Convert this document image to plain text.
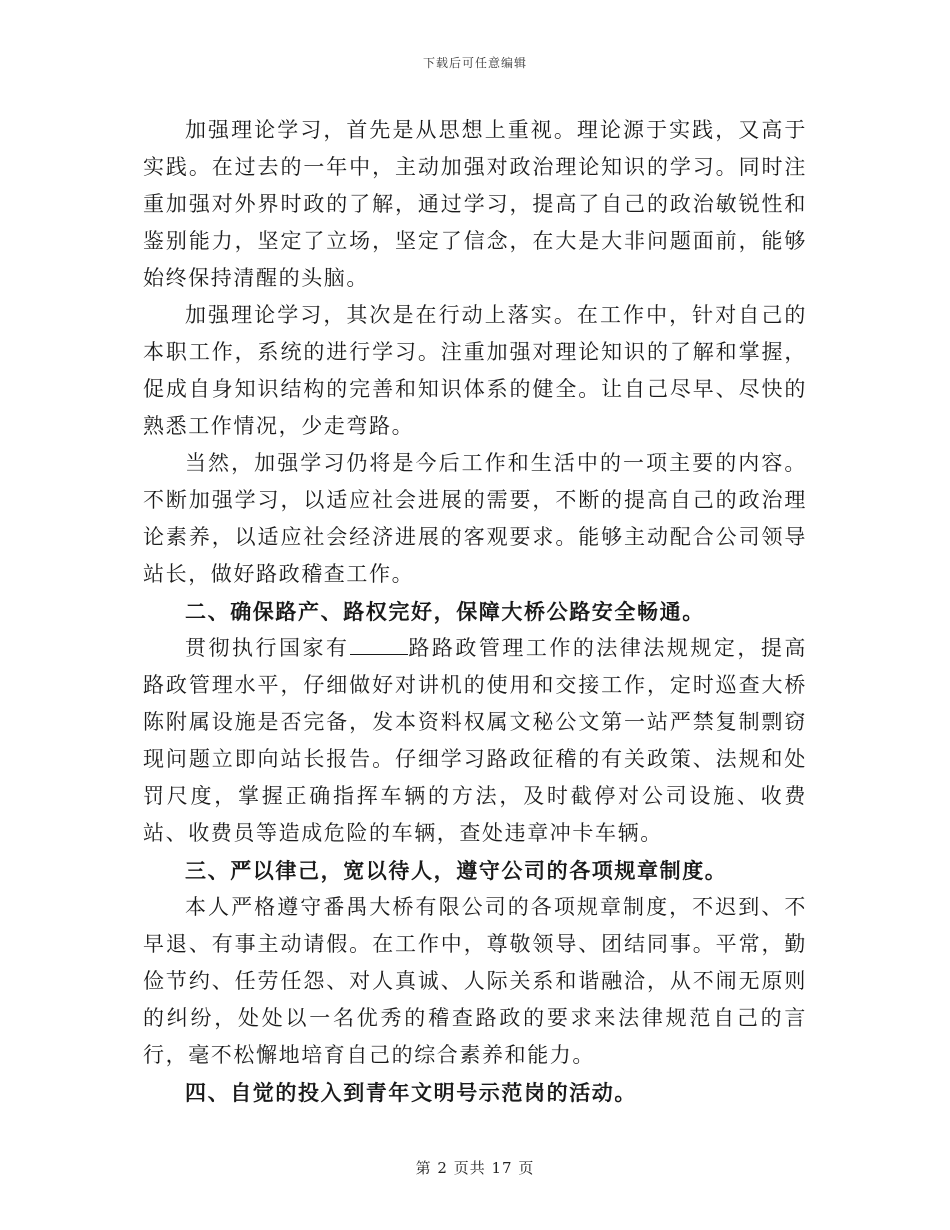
下载后可任意编辑

加强理论学习，首先是从思想上重视。理论源于实践，又高于实践。在过去的一年中，主动加强对政治理论知识的学习。同时注重加强对外界时政的了解，通过学习，提高了自己的政治敏锐性和鉴别能力，坚定了立场，坚定了信念，在大是大非问题面前，能够始终保持清醒的头脑。

加强理论学习，其次是在行动上落实。在工作中，针对自己的本职工作，系统的进行学习。注重加强对理论知识的了解和掌握，促成自身知识结构的完善和知识体系的健全。让自己尽早、尽快的熟悉工作情况，少走弯路。

当然，加强学习仍将是今后工作和生活中的一项主要的内容。不断加强学习，以适应社会进展的需要，不断的提高自己的政治理论素养，以适应社会经济进展的客观要求。能够主动配合公司领导站长，做好路政稽查工作。

二、确保路产、路权完好，保障大桥公路安全畅通。

贯彻执行国家有	路路政管理工作的法律法规规定，提高路政管理水平，仔细做好对讲机的使用和交接工作，定时巡查大桥陈附属设施是否完备，发本资料权属文秘公文第一站严禁复制剽窃现问题立即向站长报告。仔细学习路政征稽的有关政策、法规和处罚尺度，掌握正确指挥车辆的方法，及时截停对公司设施、收费站、收费员等造成危险的车辆，查处违章冲卡车辆。

三、严以律己，宽以待人，遵守公司的各项规章制度。

本人严格遵守番禺大桥有限公司的各项规章制度，不迟到、不早退、有事主动请假。在工作中，尊敬领导、团结同事。平常，勤俭节约、任劳任怨、对人真诚、人际关系和谐融洽，从不闹无原则的纠纷，处处以一名优秀的稽查路政的要求来法律规范自己的言行，毫不松懈地培育自己的综合素养和能力。

四、自觉的投入到青年文明号示范岗的活动。

第 2 页共 17 页
